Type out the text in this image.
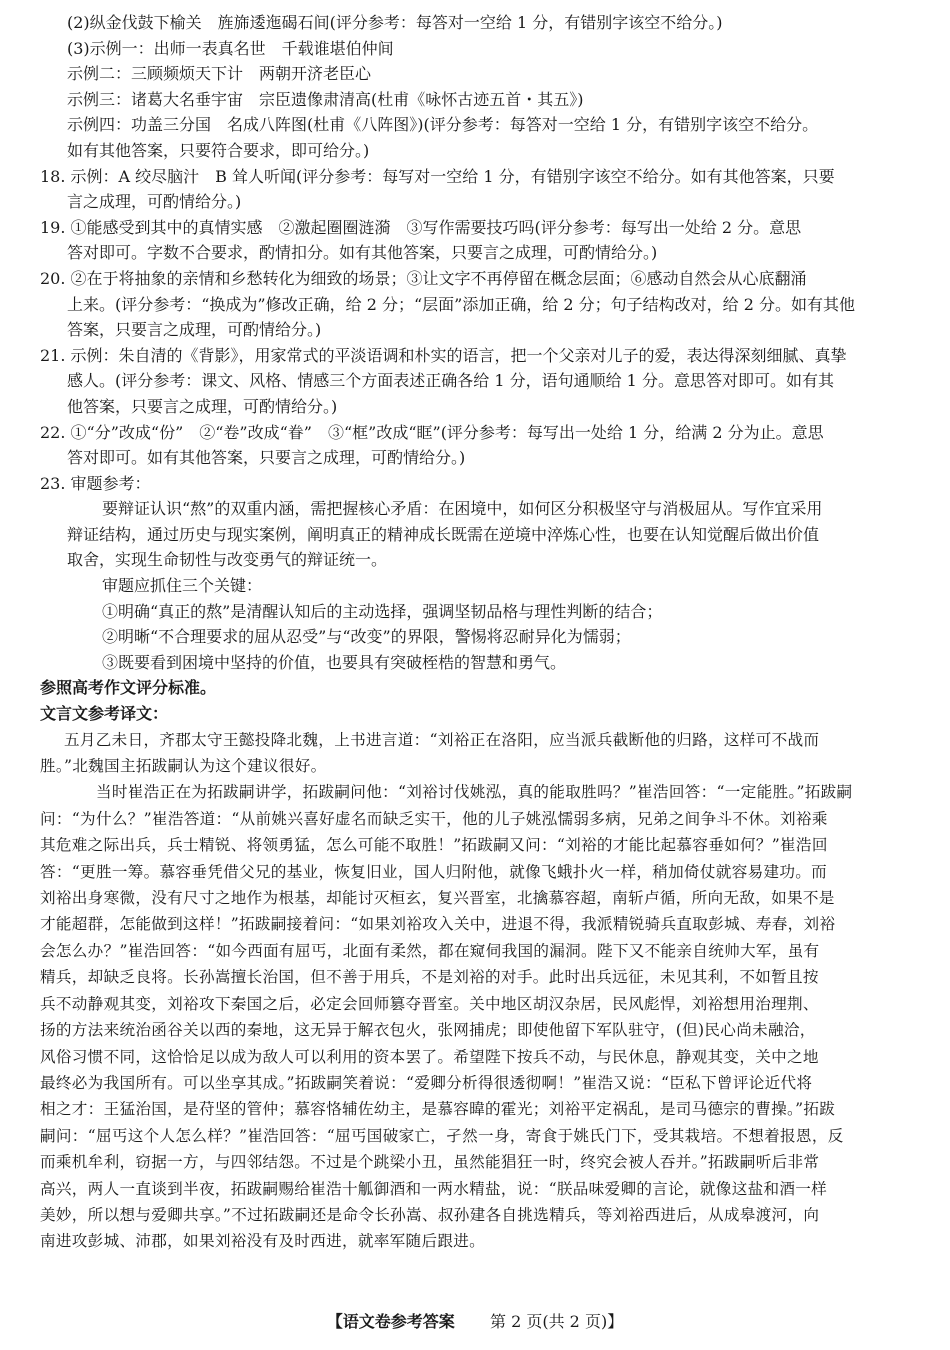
(2)纵金伐鼓下榆关　旌旆逶迤碣石间(评分参考：每答对一空给 1 分，有错别字该空不给分。)
(3)示例一：出师一表真名世　千载谁堪伯仲间
示例二：三顾频烦天下计　两朝开济老臣心
示例三：诸葛大名垂宇宙　宗臣遗像肃清高(杜甫《咏怀古迹五首・其五》)
示例四：功盖三分国　名成八阵图(杜甫《八阵图》)(评分参考：每答对一空给 1 分，有错别字该空不给分。
如有其他答案，只要符合要求，即可给分。)
18. 示例：A 绞尽脑汁　B 耸人听闻(评分参考：每写对一空给 1 分，有错别字该空不给分。如有其他答案，只要
言之成理，可酌情给分。)
19. ①能感受到其中的真情实感　②激起圈圈涟漪　③写作需要技巧吗(评分参考：每写出一处给 2 分。意思
答对即可。字数不合要求，酌情扣分。如有其他答案，只要言之成理，可酌情给分。)
20. ②在于将抽象的亲情和乡愁转化为细致的场景；③让文字不再停留在概念层面；⑥感动自然会从心底翻涌
上来。(评分参考：“换成为”修改正确，给 2 分；“层面”添加正确，给 2 分；句子结构改对，给 2 分。如有其他
答案，只要言之成理，可酌情给分。)
21. 示例：朱自清的《背影》，用家常式的平淡语调和朴实的语言，把一个父亲对儿子的爱，表达得深刻细腻、真挚
感人。(评分参考：课文、风格、情感三个方面表述正确各给 1 分，语句通顺给 1 分。意思答对即可。如有其
他答案，只要言之成理，可酌情给分。)
22. ①“分”改成“份”　②“卷”改成“眷”　③“框”改成“眶”(评分参考：每写出一处给 1 分，给满 2 分为止。意思
答对即可。如有其他答案，只要言之成理，可酌情给分。)
23. 审题参考：
要辩证认识“熬”的双重内涵，需把握核心矛盾：在困境中，如何区分积极坚守与消极屈从。写作宜采用
辩证结构，通过历史与现实案例，阐明真正的精神成长既需在逆境中淬炼心性，也要在认知觉醒后做出价值
取舍，实现生命韧性与改变勇气的辩证统一。
审题应抓住三个关键：
①明确“真正的熬”是清醒认知后的主动选择，强调坚韧品格与理性判断的结合；
②明晰“不合理要求的屈从忍受”与“改变”的界限，警惕将忍耐异化为懦弱；
③既要看到困境中坚持的价值，也要具有突破桎梏的智慧和勇气。
参照高考作文评分标准。
文言文参考译文：
五月乙未日，齐郡太守王懿投降北魏，上书进言道：“刘裕正在洛阳，应当派兵截断他的归路，这样可不战而
胜。”北魏国主拓跋嗣认为这个建议很好。
当时崔浩正在为拓跋嗣讲学，拓跋嗣问他：“刘裕讨伐姚泓，真的能取胜吗？”崔浩回答：“一定能胜。”拓跋嗣
问：“为什么？”崔浩答道：“从前姚兴喜好虚名而缺乏实干，他的儿子姚泓懦弱多病，兄弟之间争斗不休。刘裕乘
其危难之际出兵，兵士精锐、将领勇猛，怎么可能不取胜！”拓跋嗣又问：“刘裕的才能比起慕容垂如何？”崔浩回
答：“更胜一筹。慕容垂凭借父兄的基业，恢复旧业，国人归附他，就像飞蛾扑火一样，稍加倚仗就容易建功。而
刘裕出身寒微，没有尺寸之地作为根基，却能讨灭桓玄，复兴晋室，北擒慕容超，南斩卢循，所向无敌，如果不是
才能超群，怎能做到这样！”拓跋嗣接着问：“如果刘裕攻入关中，进退不得，我派精锐骑兵直取彭城、寿春，刘裕
会怎么办？”崔浩回答：“如今西面有屈丐，北面有柔然，都在窥伺我国的漏洞。陛下又不能亲自统帅大军，虽有
精兵，却缺乏良将。长孙嵩擅长治国，但不善于用兵，不是刘裕的对手。此时出兵远征，未见其利，不如暂且按
兵不动静观其变，刘裕攻下秦国之后，必定会回师篡夺晋室。关中地区胡汉杂居，民风彪悍，刘裕想用治理荆、
扬的方法来统治函谷关以西的秦地，这无异于解衣包火，张网捕虎；即使他留下军队驻守，(但)民心尚未融洽，
风俗习惯不同，这恰恰足以成为敌人可以利用的资本罢了。希望陛下按兵不动，与民休息，静观其变，关中之地
最终必为我国所有。可以坐享其成。”拓跋嗣笑着说：“爱卿分析得很透彻啊！”崔浩又说：“臣私下曾评论近代将
相之才：王猛治国，是苻坚的管仲；慕容恪辅佐幼主，是慕容暐的霍光；刘裕平定祸乱，是司马德宗的曹操。”拓跋
嗣问：“屈丐这个人怎么样？”崔浩回答：“屈丐国破家亡，孑然一身，寄食于姚氏门下，受其栽培。不想着报恩，反
而乘机牟利，窃据一方，与四邻结怨。不过是个跳梁小丑，虽然能猖狂一时，终究会被人吞并。”拓跋嗣听后非常
高兴，两人一直谈到半夜，拓跋嗣赐给崔浩十觚御酒和一两水精盐，说：“朕品味爱卿的言论，就像这盐和酒一样
美妙，所以想与爱卿共享。”不过拓跋嗣还是命令长孙嵩、叔孙建各自挑选精兵，等刘裕西进后，从成皋渡河，向
南进攻彭城、沛郡，如果刘裕没有及时西进，就率军随后跟进。
【语文卷参考答案 第 2 页(共 2 页)】
